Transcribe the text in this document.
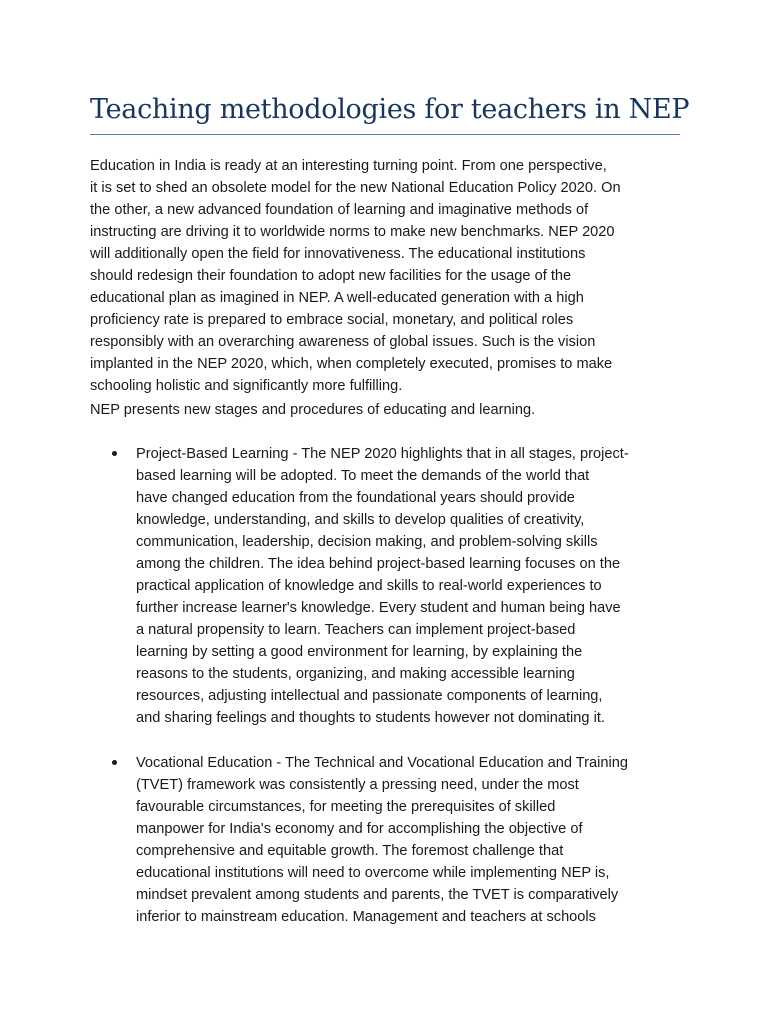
Teaching methodologies for teachers in NEP

Education in India is ready at an interesting turning point. From one perspective,
it is set to shed an obsolete model for the new National Education Policy 2020. On
the other, a new advanced foundation of learning and imaginative methods of
instructing are driving it to worldwide norms to make new benchmarks. NEP 2020
will additionally open the field for innovativeness. The educational institutions
should redesign their foundation to adopt new facilities for the usage of the
educational plan as imagined in NEP. A well-educated generation with a high
proficiency rate is prepared to embrace social, monetary, and political roles
responsibly with an overarching awareness of global issues. Such is the vision
implanted in the NEP 2020, which, when completely executed, promises to make
schooling holistic and significantly more fulfilling.

NEP presents new stages and procedures of educating and learning.

Project-Based Learning - The NEP 2020 highlights that in all stages, project-
based learning will be adopted. To meet the demands of the world that
have changed education from the foundational years should provide
knowledge, understanding, and skills to develop qualities of creativity,
communication, leadership, decision making, and problem-solving skills
among the children. The idea behind project-based learning focuses on the
practical application of knowledge and skills to real-world experiences to
further increase learner's knowledge. Every student and human being have
a natural propensity to learn. Teachers can implement project-based
learning by setting a good environment for learning, by explaining the
reasons to the students, organizing, and making accessible learning
resources, adjusting intellectual and passionate components of learning,
and sharing feelings and thoughts to students however not dominating it.
Vocational Education - The Technical and Vocational Education and Training
(TVET) framework was consistently a pressing need, under the most
favourable circumstances, for meeting the prerequisites of skilled
manpower for India's economy and for accomplishing the objective of
comprehensive and equitable growth. The foremost challenge that
educational institutions will need to overcome while implementing NEP is,
mindset prevalent among students and parents, the TVET is comparatively
inferior to mainstream education. Management and teachers at schools
